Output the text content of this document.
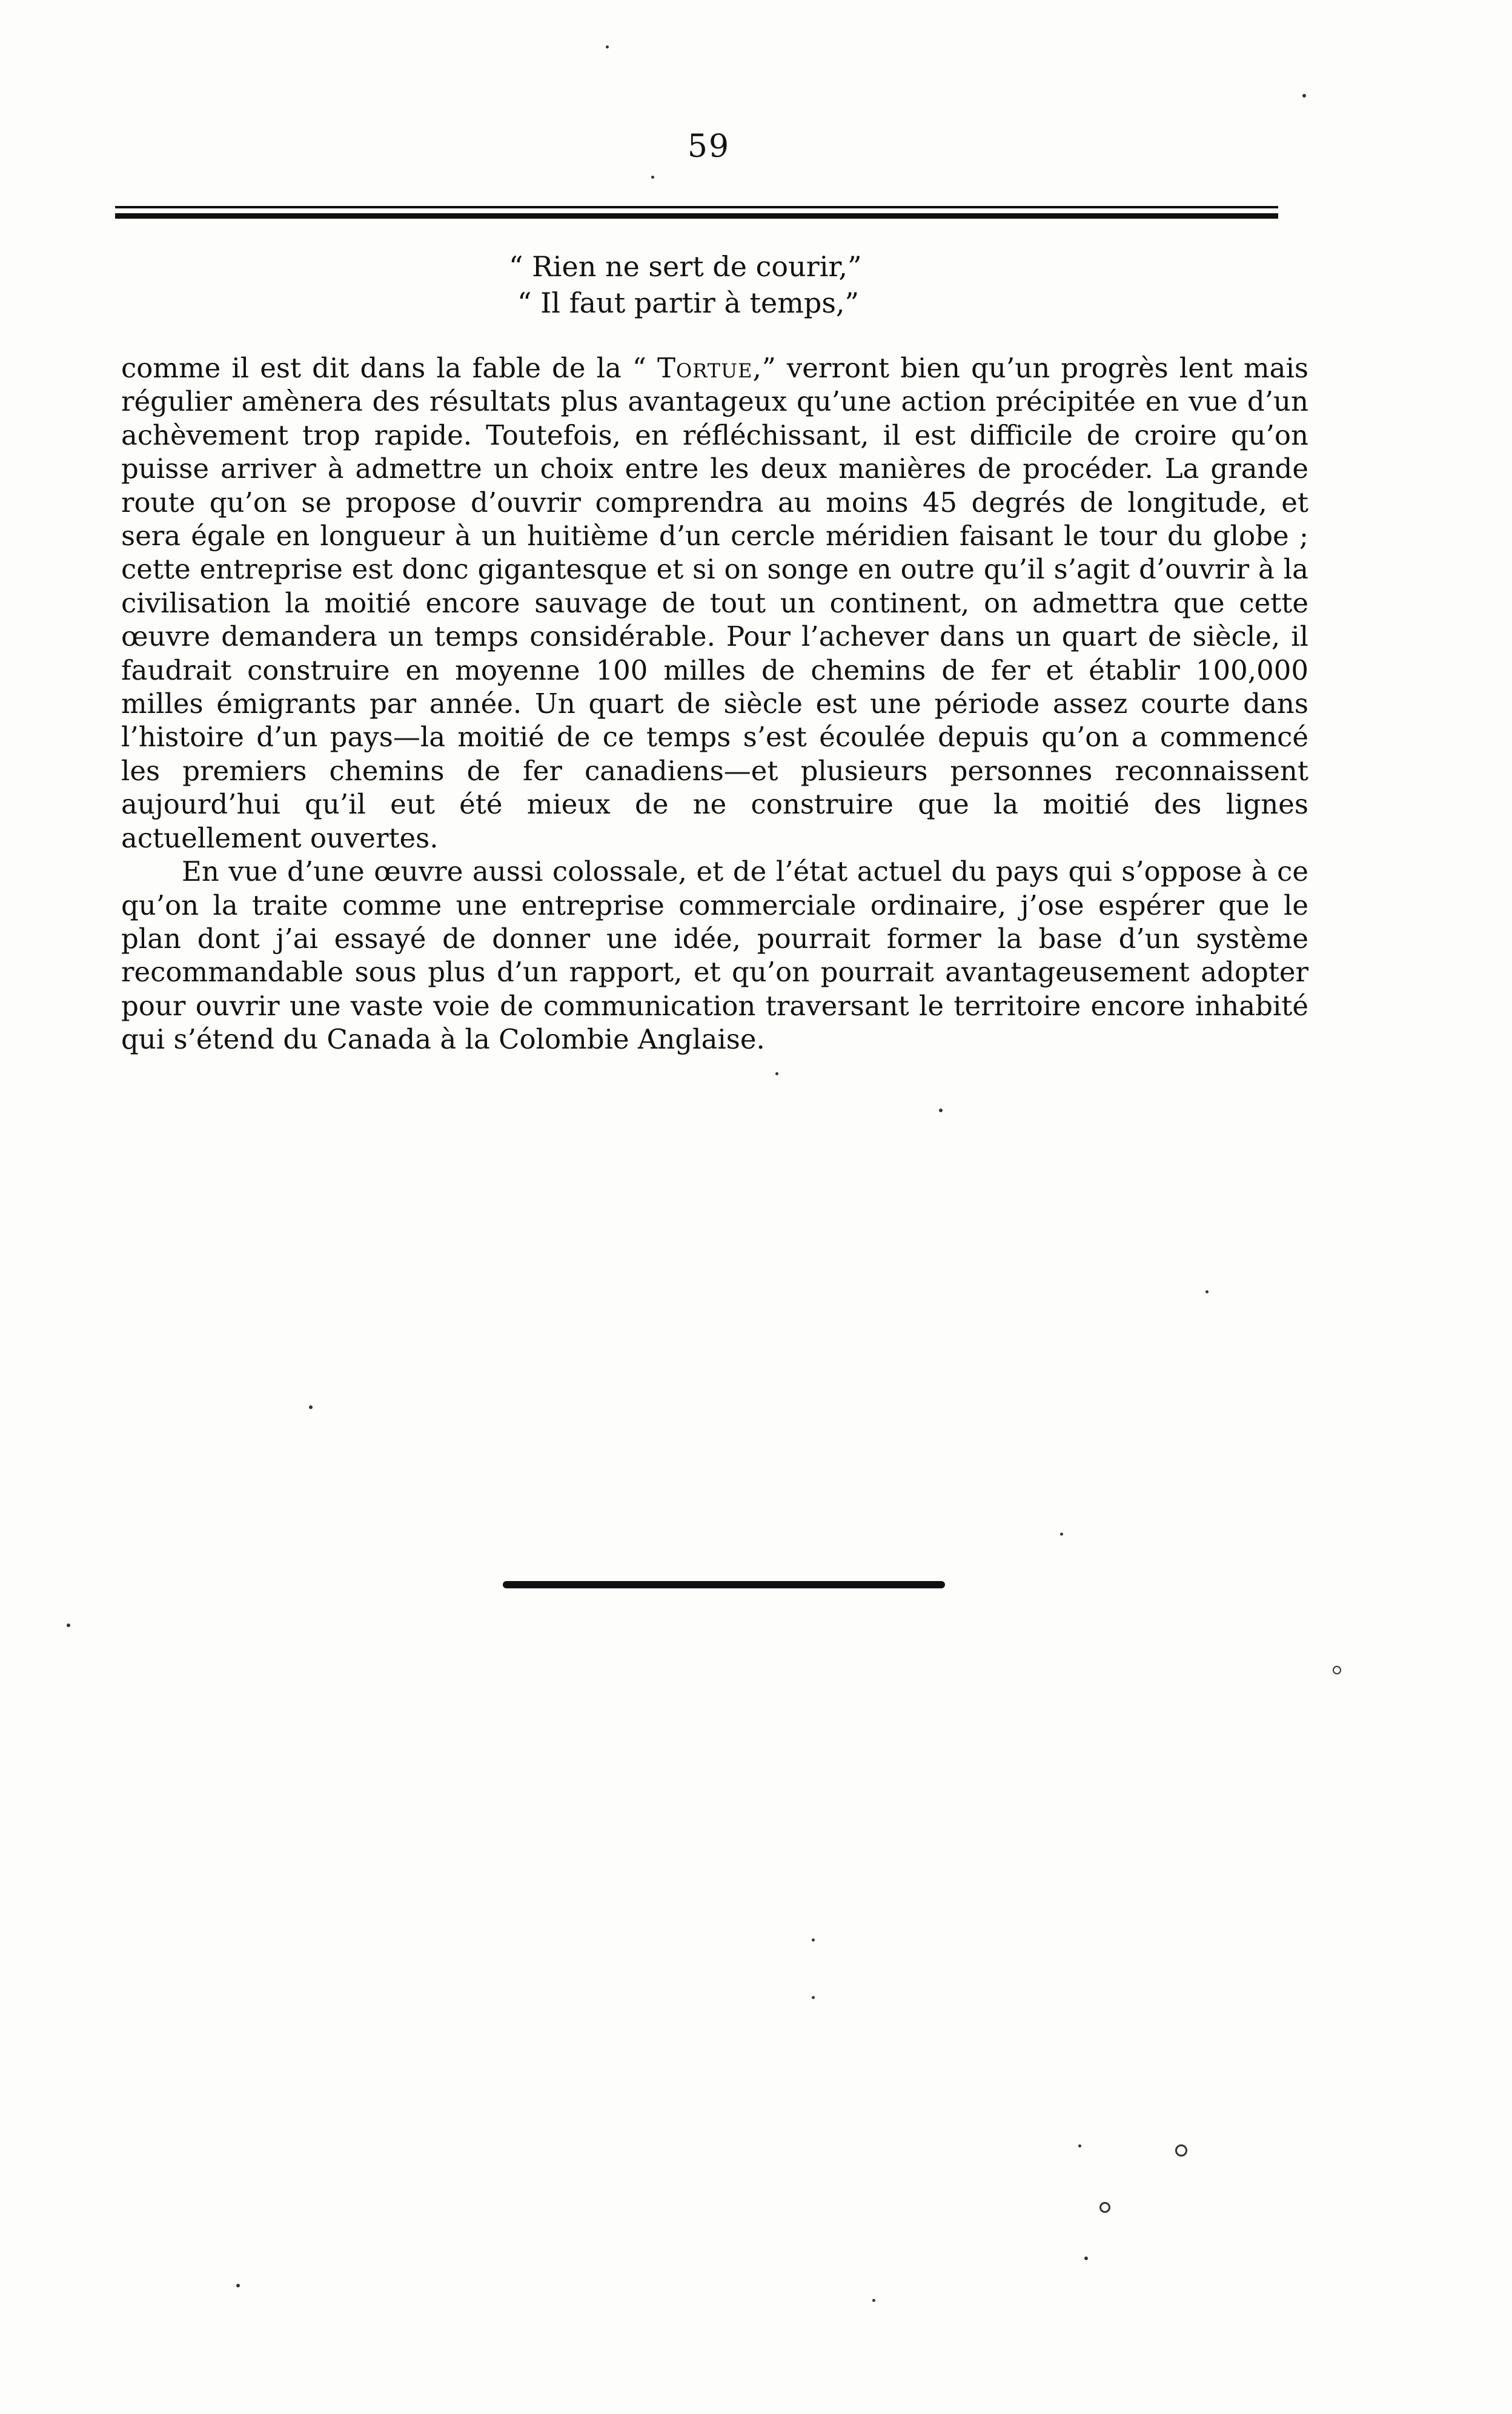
59
“ Rien ne sert de courir,”
“ Il faut partir à temps,”

comme il est dit dans la fable de la “ Tortue,” verront bien qu’un progrès lent mais régulier amènera des résultats plus avantageux qu’une action précipitée en vue d’un achèvement trop rapide. Toutefois, en réfléchissant, il est difficile de croire qu’on puisse arriver à admettre un choix entre les deux manières de procéder. La grande route qu’on se propose d’ouvrir comprendra au moins 45 degrés de longitude, et sera égale en longueur à un huitième d’un cercle méridien faisant le tour du globe ; cette entreprise est donc gigantesque et si on songe en outre qu’il s’agit d’ouvrir à la civilisation la moitié encore sauvage de tout un continent, on admettra que cette œuvre demandera un temps considérable. Pour l’achever dans un quart de siècle, il faudrait construire en moyenne 100 milles de chemins de fer et établir 100,000 milles émigrants par année. Un quart de siècle est une période assez courte dans l’histoire d’un pays—la moitié de ce temps s’est écoulée depuis qu’on a commencé les premiers chemins de fer canadiens—et plusieurs personnes reconnaissent aujourd’hui qu’il eut été mieux de ne construire que la moitié des lignes actuellement ouvertes.

En vue d’une œuvre aussi colossale, et de l’état actuel du pays qui s’oppose à ce qu’on la traite comme une entreprise commerciale ordinaire, j’ose espérer que le plan dont j’ai essayé de donner une idée, pourrait former la base d’un système recommandable sous plus d’un rapport, et qu’on pourrait avantageusement adopter pour ouvrir une vaste voie de communication traversant le territoire encore inhabité qui s’étend du Canada à la Colombie Anglaise.
